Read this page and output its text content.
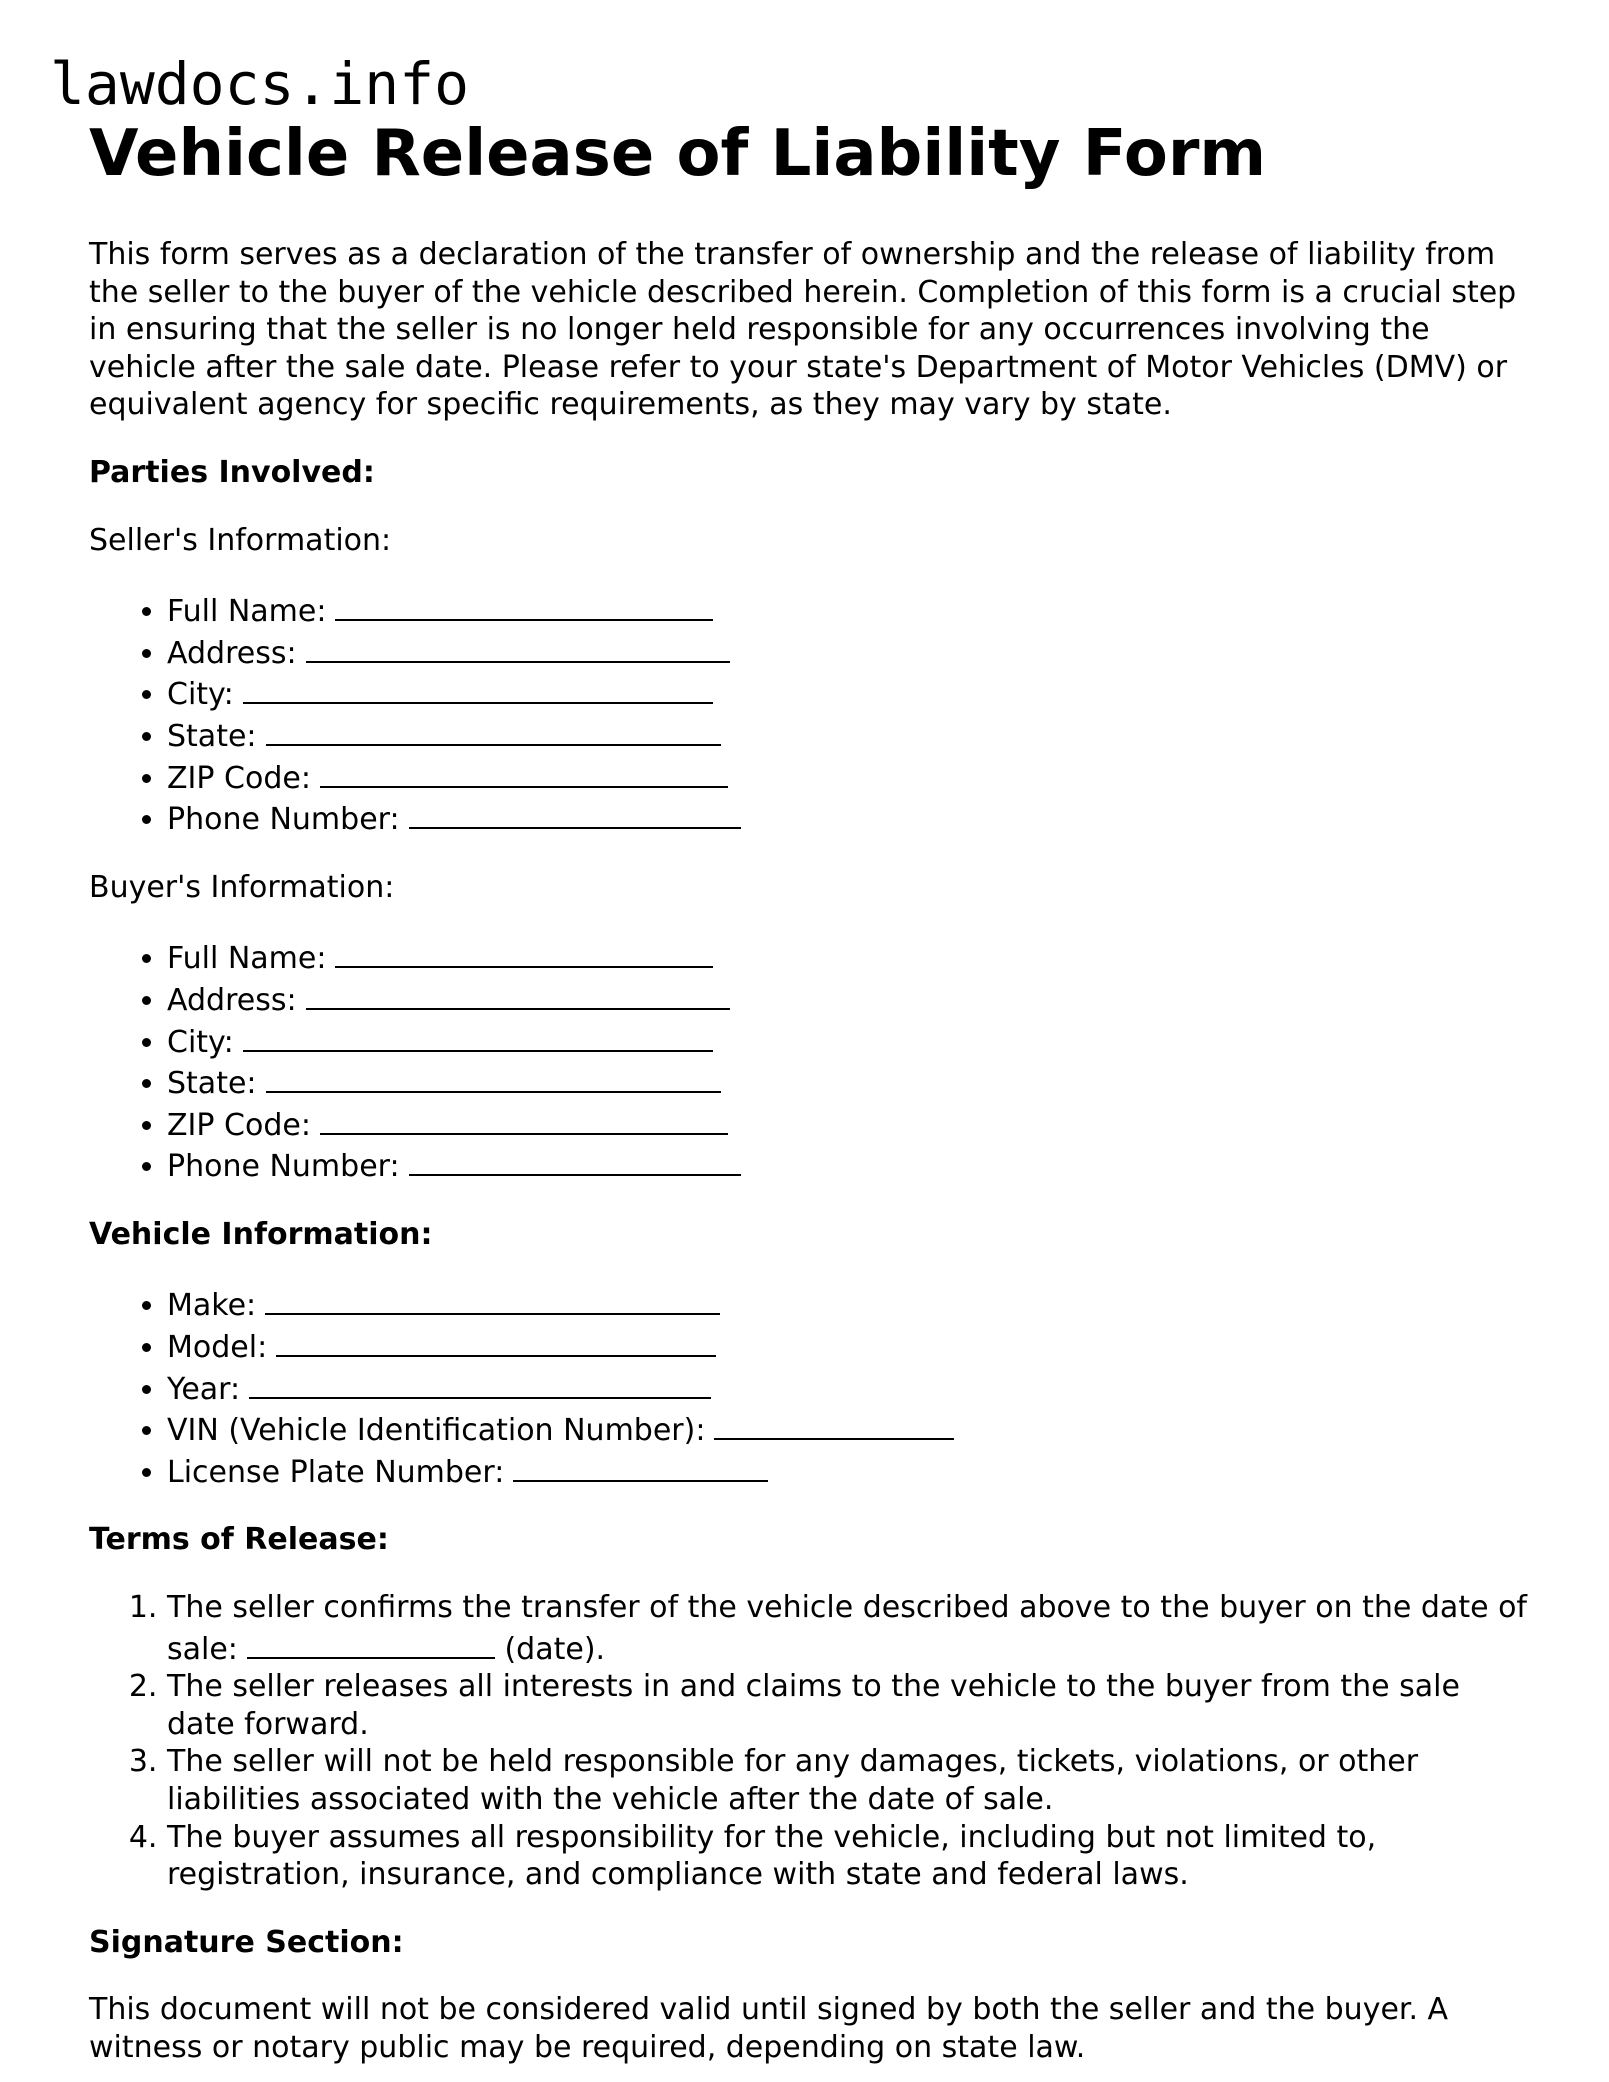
lawdocs.info
Vehicle Release of Liability Form

This form serves as a declaration of the transfer of ownership and the release of liability from the seller to the buyer of the vehicle described herein. Completion of this form is a crucial step in ensuring that the seller is no longer held responsible for any occurrences involving the vehicle after the sale date. Please refer to your state's Department of Motor Vehicles (DMV) or equivalent agency for specific requirements, as they may vary by state.

Parties Involved:
Seller's Information:
• Full Name:
• Address:
• City:
• State:
• ZIP Code:
• Phone Number:
Buyer's Information:
• Full Name:
• Address:
• City:
• State:
• ZIP Code:
• Phone Number:
Vehicle Information:
• Make:
• Model:
• Year:
• VIN (Vehicle Identification Number):
• License Plate Number:
Terms of Release:
1. The seller confirms the transfer of the vehicle described above to the buyer on the date of sale:	(date).
2. The seller releases all interests in and claims to the vehicle to the buyer from the sale date forward.
3. The seller will not be held responsible for any damages, tickets, violations, or other liabilities associated with the vehicle after the date of sale.
4. The buyer assumes all responsibility for the vehicle, including but not limited to, registration, insurance, and compliance with state and federal laws.
Signature Section:

This document will not be considered valid until signed by both the seller and the buyer. A witness or notary public may be required, depending on state law.
